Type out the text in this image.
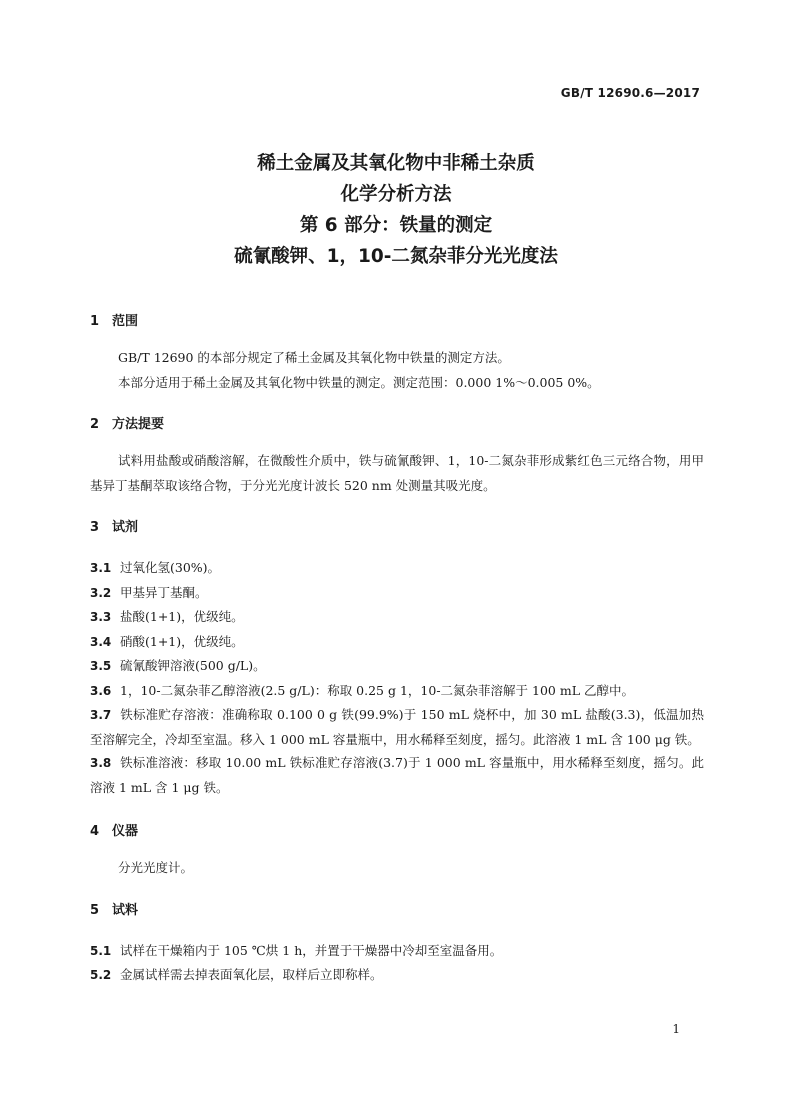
GB/T 12690.6—2017
稀土金属及其氧化物中非稀土杂质
化学分析方法
第 6 部分：铁量的测定
硫氰酸钾、1，10-二氮杂菲分光光度法
1 范围
GB/T 12690 的本部分规定了稀土金属及其氧化物中铁量的测定方法。
本部分适用于稀土金属及其氧化物中铁量的测定。测定范围：0.000 1%～0.005 0%。
2 方法提要
试料用盐酸或硝酸溶解，在微酸性介质中，铁与硫氰酸钾、1，10-二氮杂菲形成紫红色三元络合物，用甲基异丁基酮萃取该络合物，于分光光度计波长 520 nm 处测量其吸光度。
3 试剂
3.1 过氧化氢(30%)。
3.2 甲基异丁基酮。
3.3 盐酸(1+1)，优级纯。
3.4 硝酸(1+1)，优级纯。
3.5 硫氰酸钾溶液(500 g/L)。
3.6 1，10-二氮杂菲乙醇溶液(2.5 g/L)：称取 0.25 g 1，10-二氮杂菲溶解于 100 mL 乙醇中。
3.7 铁标准贮存溶液：准确称取 0.100 0 g 铁(99.9%)于 150 mL 烧杯中，加 30 mL 盐酸(3.3)，低温加热至溶解完全，冷却至室温。移入 1 000 mL 容量瓶中，用水稀释至刻度，摇匀。此溶液 1 mL 含 100 μg 铁。
3.8 铁标准溶液：移取 10.00 mL 铁标准贮存溶液(3.7)于 1 000 mL 容量瓶中，用水稀释至刻度，摇匀。此溶液 1 mL 含 1 μg 铁。
4 仪器
分光光度计。
5 试料
5.1 试样在干燥箱内于 105 ℃烘 1 h，并置于干燥器中冷却至室温备用。
5.2 金属试样需去掉表面氧化层，取样后立即称样。
1
